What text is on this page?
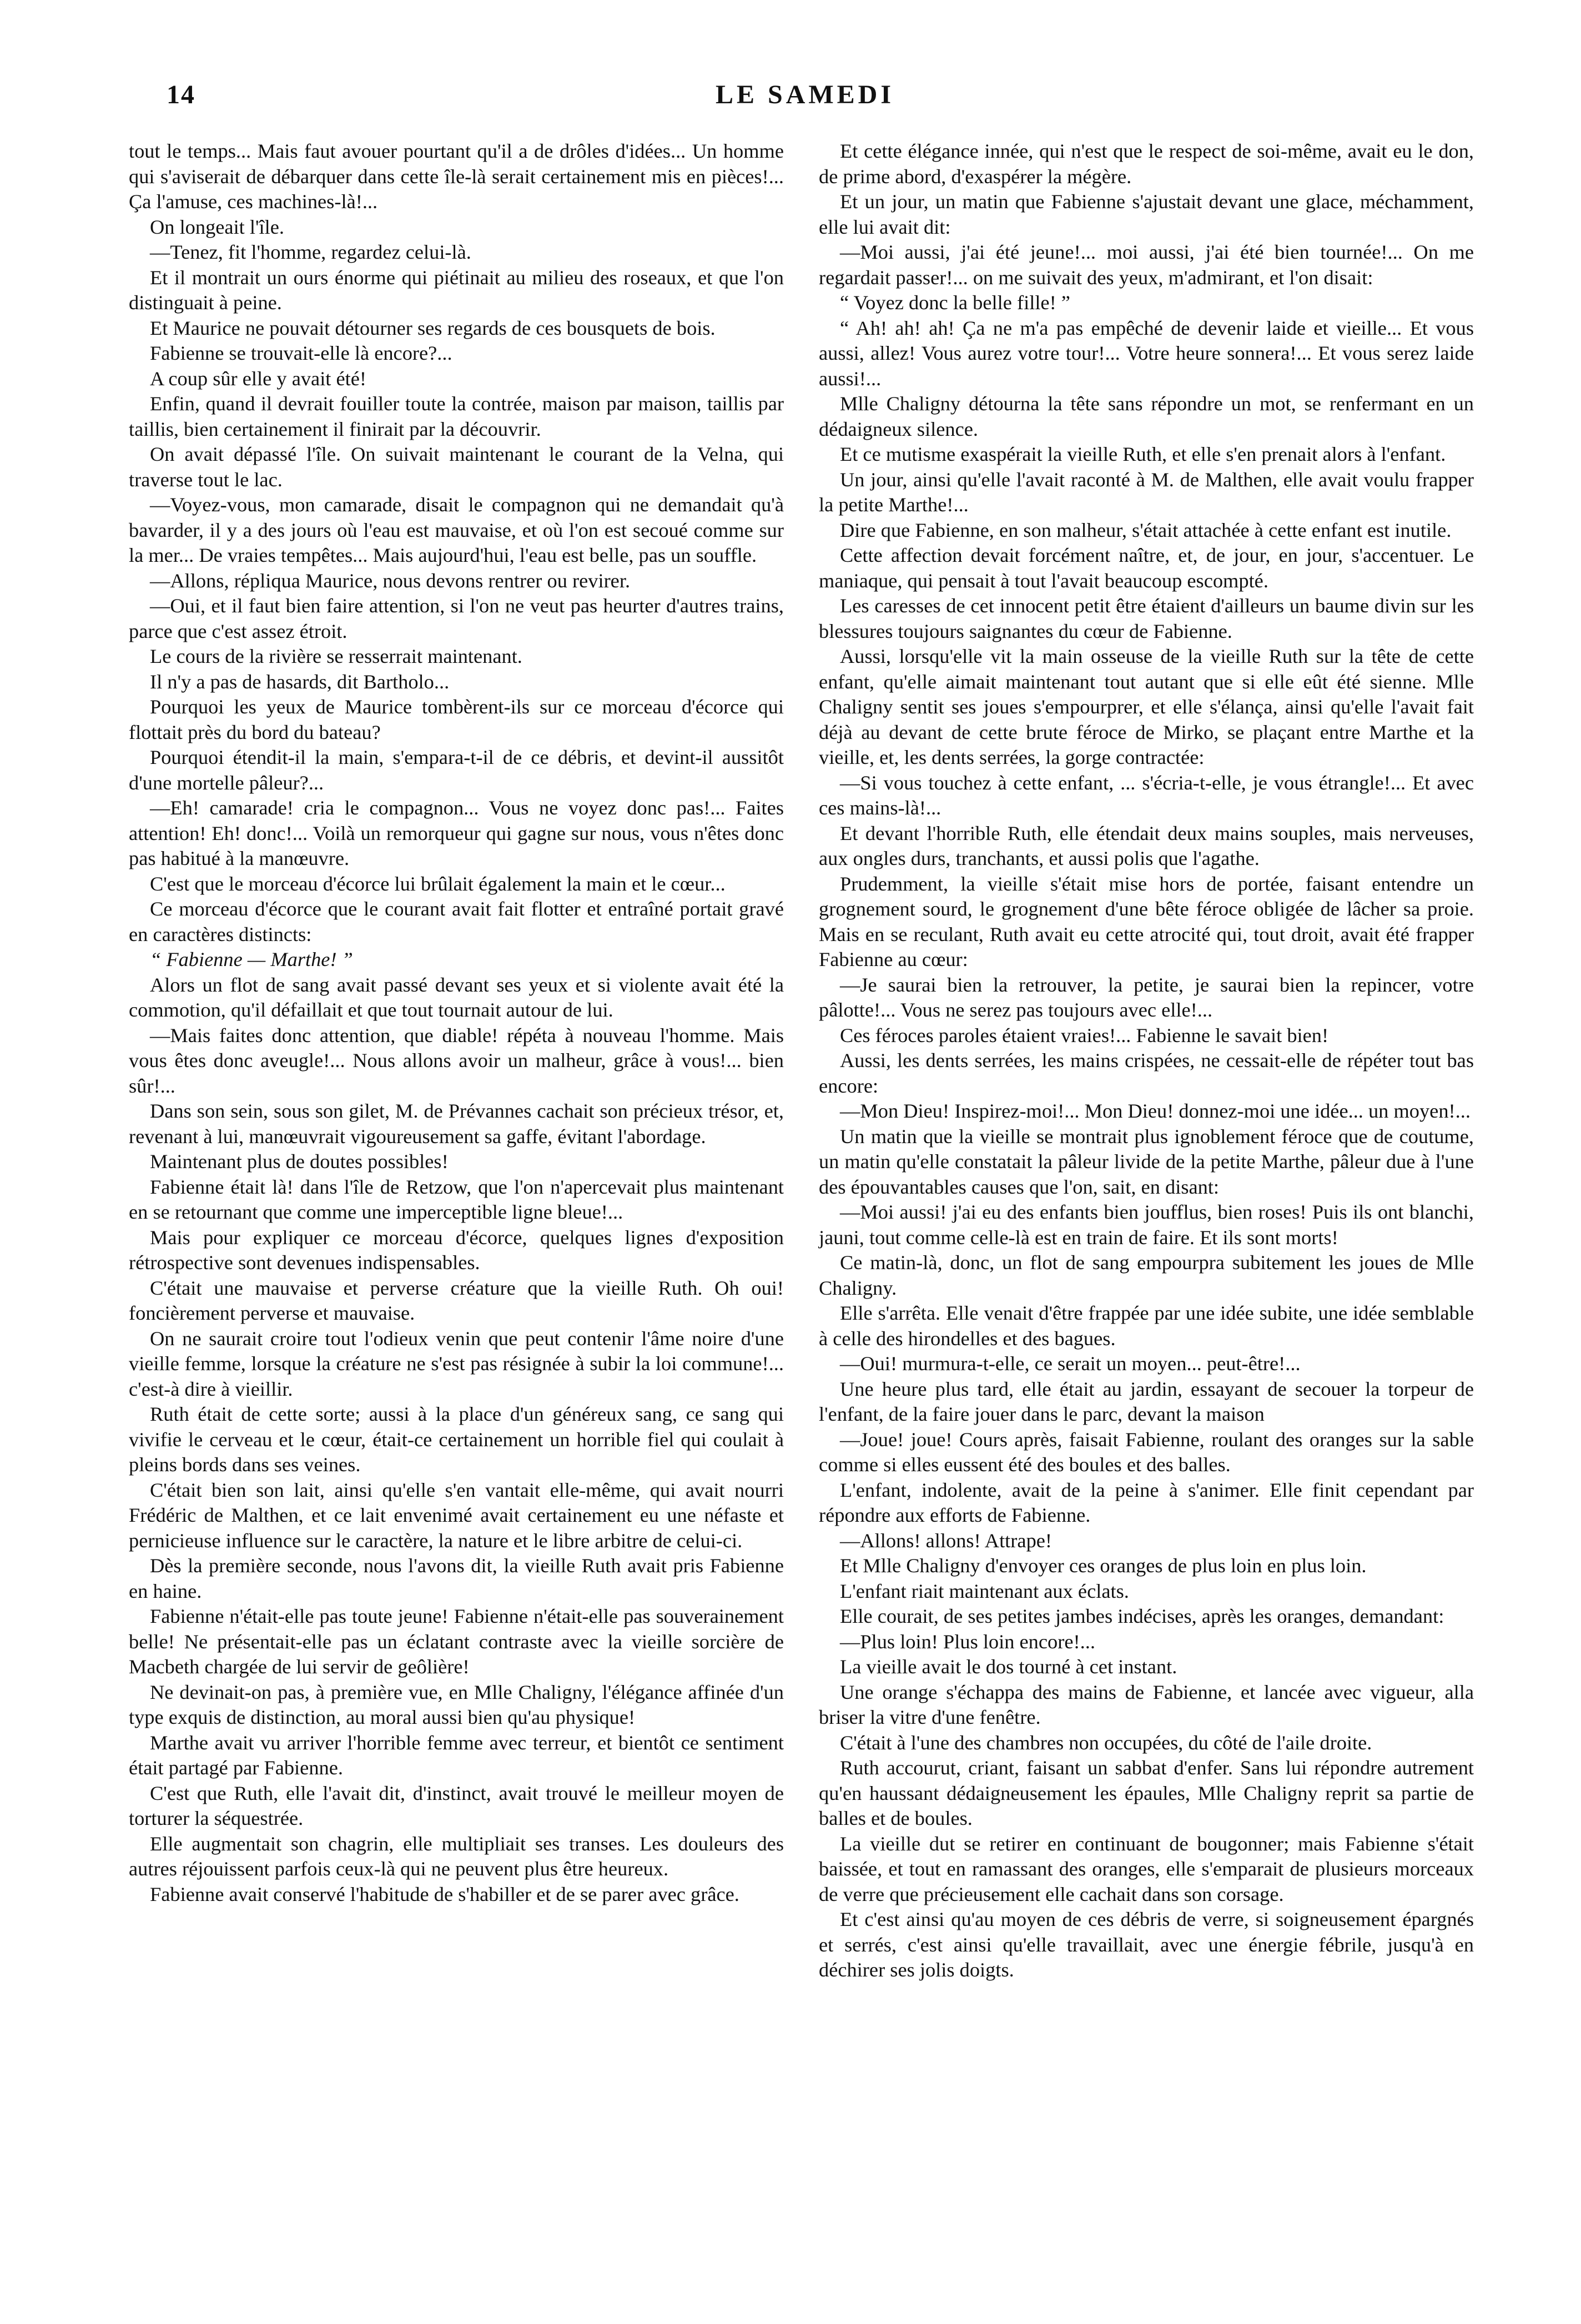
14	LE SAMEDI

tout le temps... Mais faut avouer pourtant qu'il a de drôles d'idées... Un homme qui s'aviserait de débarquer dans cette île-là serait certainement mis en pièces!... Ça l'amuse, ces machines-là!...

On longeait l'île.

—Tenez, fit l'homme, regardez celui-là.

Et il montrait un ours énorme qui piétinait au milieu des roseaux, et que l'on distinguait à peine.

Et Maurice ne pouvait détourner ses regards de ces bousquets de bois.

Fabienne se trouvait-elle là encore?...

A coup sûr elle y avait été!

Enfin, quand il devrait fouiller toute la contrée, maison par maison, taillis par taillis, bien certainement il finirait par la découvrir.

On avait dépassé l'île. On suivait maintenant le courant de la Velna, qui traverse tout le lac.

—Voyez-vous, mon camarade, disait le compagnon qui ne demandait qu'à bavarder, il y a des jours où l'eau est mauvaise, et où l'on est secoué comme sur la mer... De vraies tempêtes... Mais aujourd'hui, l'eau est belle, pas un souffle.

—Allons, répliqua Maurice, nous devons rentrer ou revirer.

—Oui, et il faut bien faire attention, si l'on ne veut pas heurter d'autres trains, parce que c'est assez étroit.

Le cours de la rivière se resserrait maintenant.

Il n'y a pas de hasards, dit Bartholo...

Pourquoi les yeux de Maurice tombèrent-ils sur ce morceau d'écorce qui flottait près du bord du bateau?

Pourquoi étendit-il la main, s'empara-t-il de ce débris, et devint-il aussitôt d'une mortelle pâleur?...

—Eh! camarade! cria le compagnon... Vous ne voyez donc pas!... Faites attention! Eh! donc!... Voilà un remorqueur qui gagne sur nous, vous n'êtes donc pas habitué à la manœuvre.

C'est que le morceau d'écorce lui brûlait également la main et le cœur...

Ce morceau d'écorce que le courant avait fait flotter et entraîné portait gravé en caractères distincts:

“ Fabienne — Marthe! ”

Alors un flot de sang avait passé devant ses yeux et si violente avait été la commotion, qu'il défaillait et que tout tournait autour de lui.

—Mais faites donc attention, que diable! répéta à nouveau l'homme. Mais vous êtes donc aveugle!... Nous allons avoir un malheur, grâce à vous!... bien sûr!...

Dans son sein, sous son gilet, M. de Prévannes cachait son précieux trésor, et, revenant à lui, manœuvrait vigoureusement sa gaffe, évitant l'abordage.

Maintenant plus de doutes possibles!

Fabienne était là! dans l'île de Retzow, que l'on n'apercevait plus maintenant en se retournant que comme une imperceptible ligne bleue!...

Mais pour expliquer ce morceau d'écorce, quelques lignes d'exposition rétrospective sont devenues indispensables.

C'était une mauvaise et perverse créature que la vieille Ruth. Oh oui! foncièrement perverse et mauvaise.

On ne saurait croire tout l'odieux venin que peut contenir l'âme noire d'une vieille femme, lorsque la créature ne s'est pas résignée à subir la loi commune!... c'est-à dire à vieillir.

Ruth était de cette sorte; aussi à la place d'un généreux sang, ce sang qui vivifie le cerveau et le cœur, était-ce certainement un horrible fiel qui coulait à pleins bords dans ses veines.

C'était bien son lait, ainsi qu'elle s'en vantait elle-même, qui avait nourri Frédéric de Malthen, et ce lait envenimé avait certainement eu une néfaste et pernicieuse influence sur le caractère, la nature et le libre arbitre de celui-ci.

Dès la première seconde, nous l'avons dit, la vieille Ruth avait pris Fabienne en haine.

Fabienne n'était-elle pas toute jeune! Fabienne n'était-elle pas souverainement belle! Ne présentait-elle pas un éclatant contraste avec la vieille sorcière de Macbeth chargée de lui servir de geôlière!

Ne devinait-on pas, à première vue, en Mlle Chaligny, l'élégance affinée d'un type exquis de distinction, au moral aussi bien qu'au physique!

Marthe avait vu arriver l'horrible femme avec terreur, et bientôt ce sentiment était partagé par Fabienne.

C'est que Ruth, elle l'avait dit, d'instinct, avait trouvé le meilleur moyen de torturer la séquestrée.

Elle augmentait son chagrin, elle multipliait ses transes. Les douleurs des autres réjouissent parfois ceux-là qui ne peuvent plus être heureux.

Fabienne avait conservé l'habitude de s'habiller et de se parer avec grâce.

Et cette élégance innée, qui n'est que le respect de soi-même, avait eu le don, de prime abord, d'exaspérer la mégère.

Et un jour, un matin que Fabienne s'ajustait devant une glace, méchamment, elle lui avait dit:

—Moi aussi, j'ai été jeune!... moi aussi, j'ai été bien tournée!... On me regardait passer!... on me suivait des yeux, m'admirant, et l'on disait:

“ Voyez donc la belle fille! ”

“ Ah! ah! ah! Ça ne m'a pas empêché de devenir laide et vieille... Et vous aussi, allez! Vous aurez votre tour!... Votre heure sonnera!... Et vous serez laide aussi!...

Mlle Chaligny détourna la tête sans répondre un mot, se renfermant en un dédaigneux silence.

Et ce mutisme exaspérait la vieille Ruth, et elle s'en prenait alors à l'enfant.

Un jour, ainsi qu'elle l'avait raconté à M. de Malthen, elle avait voulu frapper la petite Marthe!...

Dire que Fabienne, en son malheur, s'était attachée à cette enfant est inutile.

Cette affection devait forcément naître, et, de jour, en jour, s'accentuer. Le maniaque, qui pensait à tout l'avait beaucoup escompté.

Les caresses de cet innocent petit être étaient d'ailleurs un baume divin sur les blessures toujours saignantes du cœur de Fabienne.

Aussi, lorsqu'elle vit la main osseuse de la vieille Ruth sur la tête de cette enfant, qu'elle aimait maintenant tout autant que si elle eût été sienne. Mlle Chaligny sentit ses joues s'empourprer, et elle s'élança, ainsi qu'elle l'avait fait déjà au devant de cette brute féroce de Mirko, se plaçant entre Marthe et la vieille, et, les dents serrées, la gorge contractée:

—Si vous touchez à cette enfant, ... s'écria-t-elle, je vous étrangle!... Et avec ces mains-là!...

Et devant l'horrible Ruth, elle étendait deux mains souples, mais nerveuses, aux ongles durs, tranchants, et aussi polis que l'agathe.

Prudemment, la vieille s'était mise hors de portée, faisant entendre un grognement sourd, le grognement d'une bête féroce obligée de lâcher sa proie. Mais en se reculant, Ruth avait eu cette atrocité qui, tout droit, avait été frapper Fabienne au cœur:

—Je saurai bien la retrouver, la petite, je saurai bien la repincer, votre pâlotte!... Vous ne serez pas toujours avec elle!...

Ces féroces paroles étaient vraies!... Fabienne le savait bien!

Aussi, les dents serrées, les mains crispées, ne cessait-elle de répéter tout bas encore:

—Mon Dieu! Inspirez-moi!... Mon Dieu! donnez-moi une idée... un moyen!...

Un matin que la vieille se montrait plus ignoblement féroce que de coutume, un matin qu'elle constatait la pâleur livide de la petite Marthe, pâleur due à l'une des épouvantables causes que l'on, sait, en disant:

—Moi aussi! j'ai eu des enfants bien joufflus, bien roses! Puis ils ont blanchi, jauni, tout comme celle-là est en train de faire. Et ils sont morts!

Ce matin-là, donc, un flot de sang empourpra subitement les joues de Mlle Chaligny.

Elle s'arrêta. Elle venait d'être frappée par une idée subite, une idée semblable à celle des hirondelles et des bagues.

—Oui! murmura-t-elle, ce serait un moyen... peut-être!...

Une heure plus tard, elle était au jardin, essayant de secouer la torpeur de l'enfant, de la faire jouer dans le parc, devant la maison

—Joue! joue! Cours après, faisait Fabienne, roulant des oranges sur la sable comme si elles eussent été des boules et des balles.

L'enfant, indolente, avait de la peine à s'animer. Elle finit cependant par répondre aux efforts de Fabienne.

—Allons! allons! Attrape!

Et Mlle Chaligny d'envoyer ces oranges de plus loin en plus loin.

L'enfant riait maintenant aux éclats.

Elle courait, de ses petites jambes indécises, après les oranges, demandant:

—Plus loin! Plus loin encore!...

La vieille avait le dos tourné à cet instant.

Une orange s'échappa des mains de Fabienne, et lancée avec vigueur, alla briser la vitre d'une fenêtre.

C'était à l'une des chambres non occupées, du côté de l'aile droite.

Ruth accourut, criant, faisant un sabbat d'enfer. Sans lui répondre autrement qu'en haussant dédaigneusement les épaules, Mlle Chaligny reprit sa partie de balles et de boules.

La vieille dut se retirer en continuant de bougonner; mais Fabienne s'était baissée, et tout en ramassant des oranges, elle s'emparait de plusieurs morceaux de verre que précieusement elle cachait dans son corsage.

Et c'est ainsi qu'au moyen de ces débris de verre, si soigneusement épargnés et serrés, c'est ainsi qu'elle travaillait, avec une énergie fébrile, jusqu'à en déchirer ses jolis doigts.
